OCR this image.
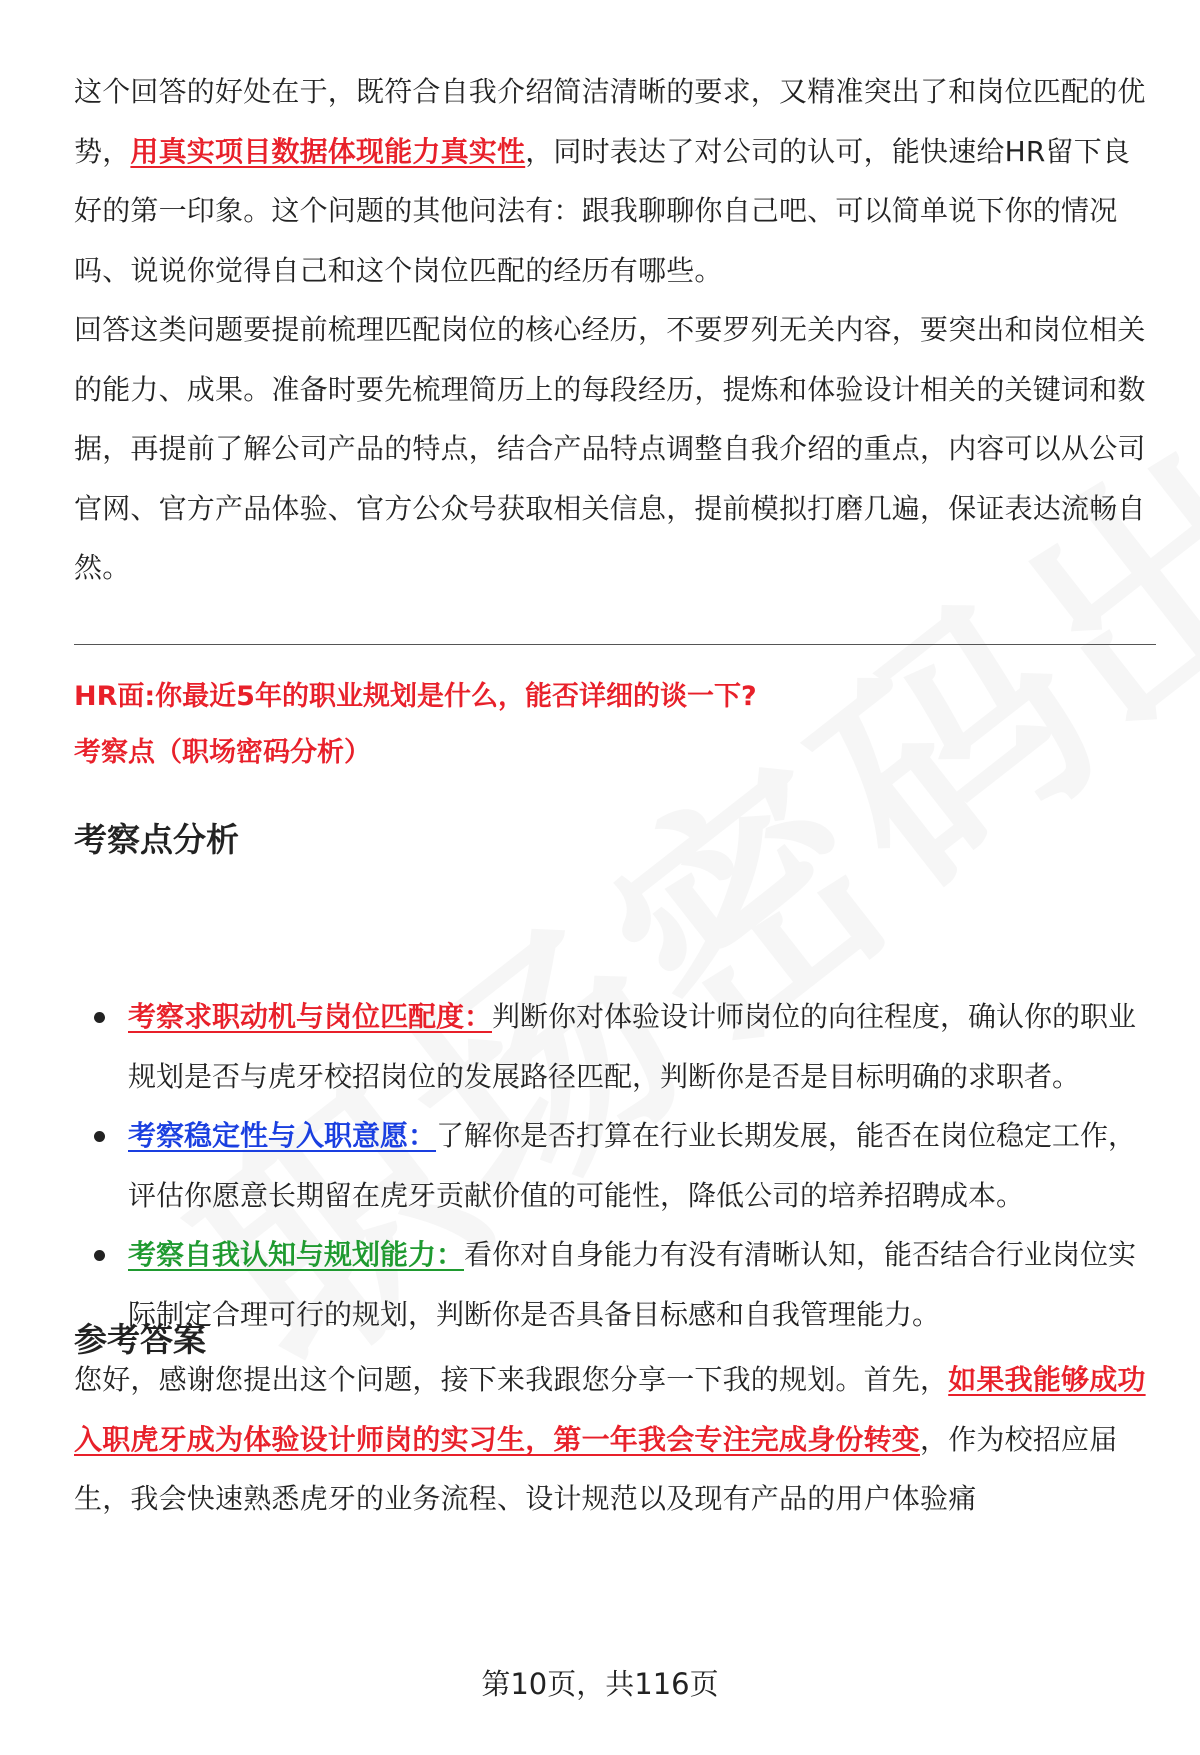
这个回答的好处在于，既符合自我介绍简洁清晰的要求，又精准突出了和岗位匹配的优势，用真实项目数据体现能力真实性，同时表达了对公司的认可，能快速给HR留下良好的第一印象。这个问题的其他问法有：跟我聊聊你自己吧、可以简单说下你的情况吗、说说你觉得自己和这个岗位匹配的经历有哪些。

回答这类问题要提前梳理匹配岗位的核心经历，不要罗列无关内容，要突出和岗位相关的能力、成果。准备时要先梳理简历上的每段经历，提炼和体验设计相关的关键词和数据，再提前了解公司产品的特点，结合产品特点调整自我介绍的重点，内容可以从公司官网、官方产品体验、官方公众号获取相关信息，提前模拟打磨几遍，保证表达流畅自然。

HR面:你最近5年的职业规划是什么，能否详细的谈一下?

考察点（职场密码分析）

考察点分析

考察求职动机与岗位匹配度：判断你对体验设计师岗位的向往程度，确认你的职业规划是否与虎牙校招岗位的发展路径匹配，判断你是否是目标明确的求职者。
考察稳定性与入职意愿：了解你是否打算在行业长期发展，能否在岗位稳定工作，评估你愿意长期留在虎牙贡献价值的可能性，降低公司的培养招聘成本。
考察自我认知与规划能力：看你对自身能力有没有清晰认知，能否结合行业岗位实际制定合理可行的规划，判断你是否具备目标感和自我管理能力。

参考答案

您好，感谢您提出这个问题，接下来我跟您分享一下我的规划。首先，如果我能够成功入职虎牙成为体验设计师岗的实习生，第一年我会专注完成身份转变，作为校招应届生，我会快速熟悉虎牙的业务流程、设计规范以及现有产品的用户体验痛

第10页，共116页
